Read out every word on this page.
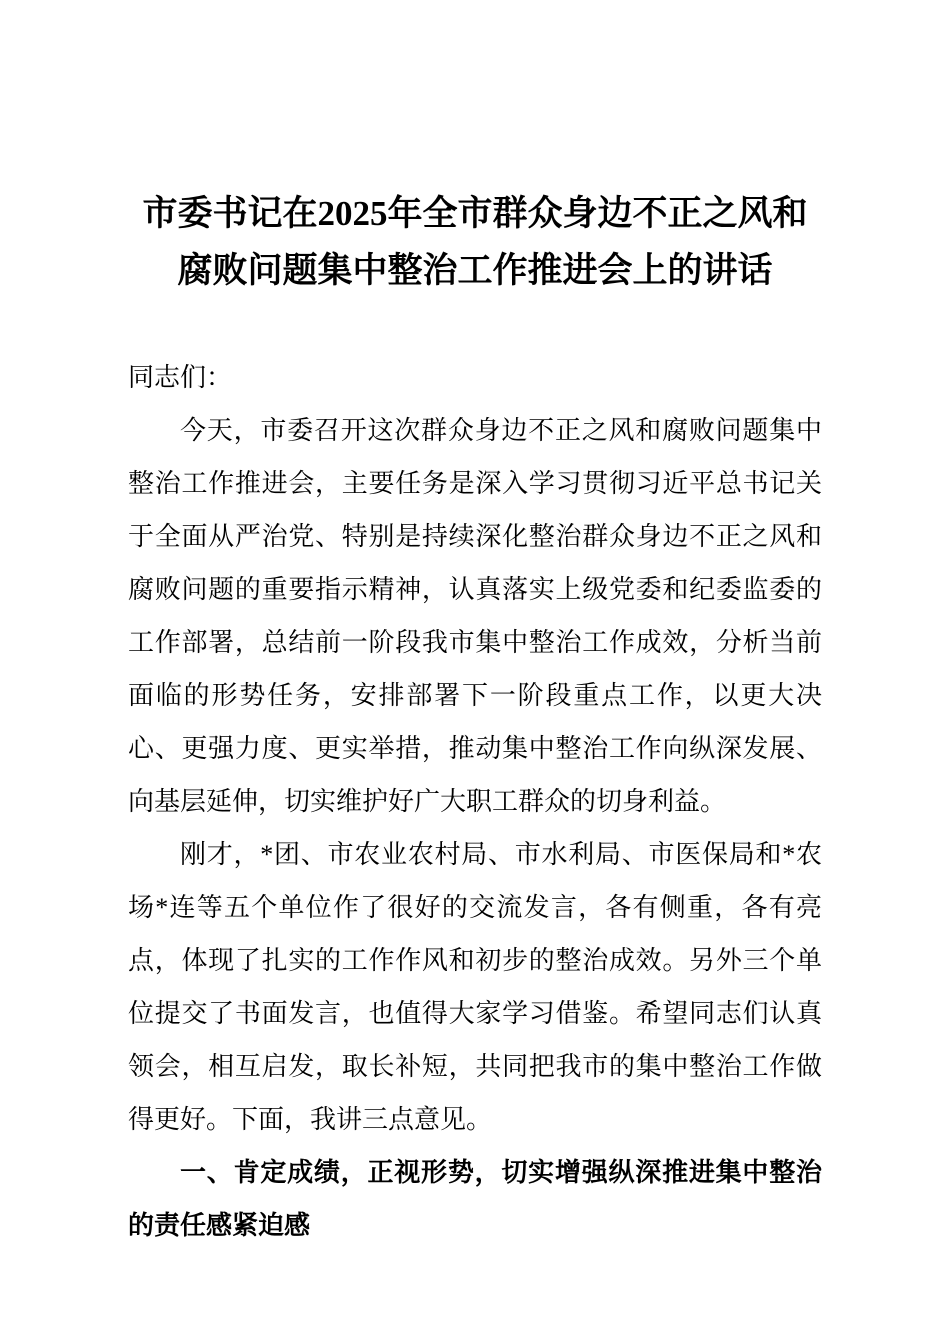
市委书记在2025年全市群众身边不正之风和
腐败问题集中整治工作推进会上的讲话

同志们：

今天，市委召开这次群众身边不正之风和腐败问题集中整治工作推进会，主要任务是深入学习贯彻习近平总书记关于全面从严治党、特别是持续深化整治群众身边不正之风和腐败问题的重要指示精神，认真落实上级党委和纪委监委的工作部署，总结前一阶段我市集中整治工作成效，分析当前面临的形势任务，安排部署下一阶段重点工作，以更大决心、更强力度、更实举措，推动集中整治工作向纵深发展、向基层延伸，切实维护好广大职工群众的切身利益。

刚才，*团、市农业农村局、市水利局、市医保局和*农场*连等五个单位作了很好的交流发言，各有侧重，各有亮点，体现了扎实的工作作风和初步的整治成效。另外三个单位提交了书面发言，也值得大家学习借鉴。希望同志们认真领会，相互启发，取长补短，共同把我市的集中整治工作做得更好。下面，我讲三点意见。

一、肯定成绩，正视形势，切实增强纵深推进集中整治的责任感紧迫感
